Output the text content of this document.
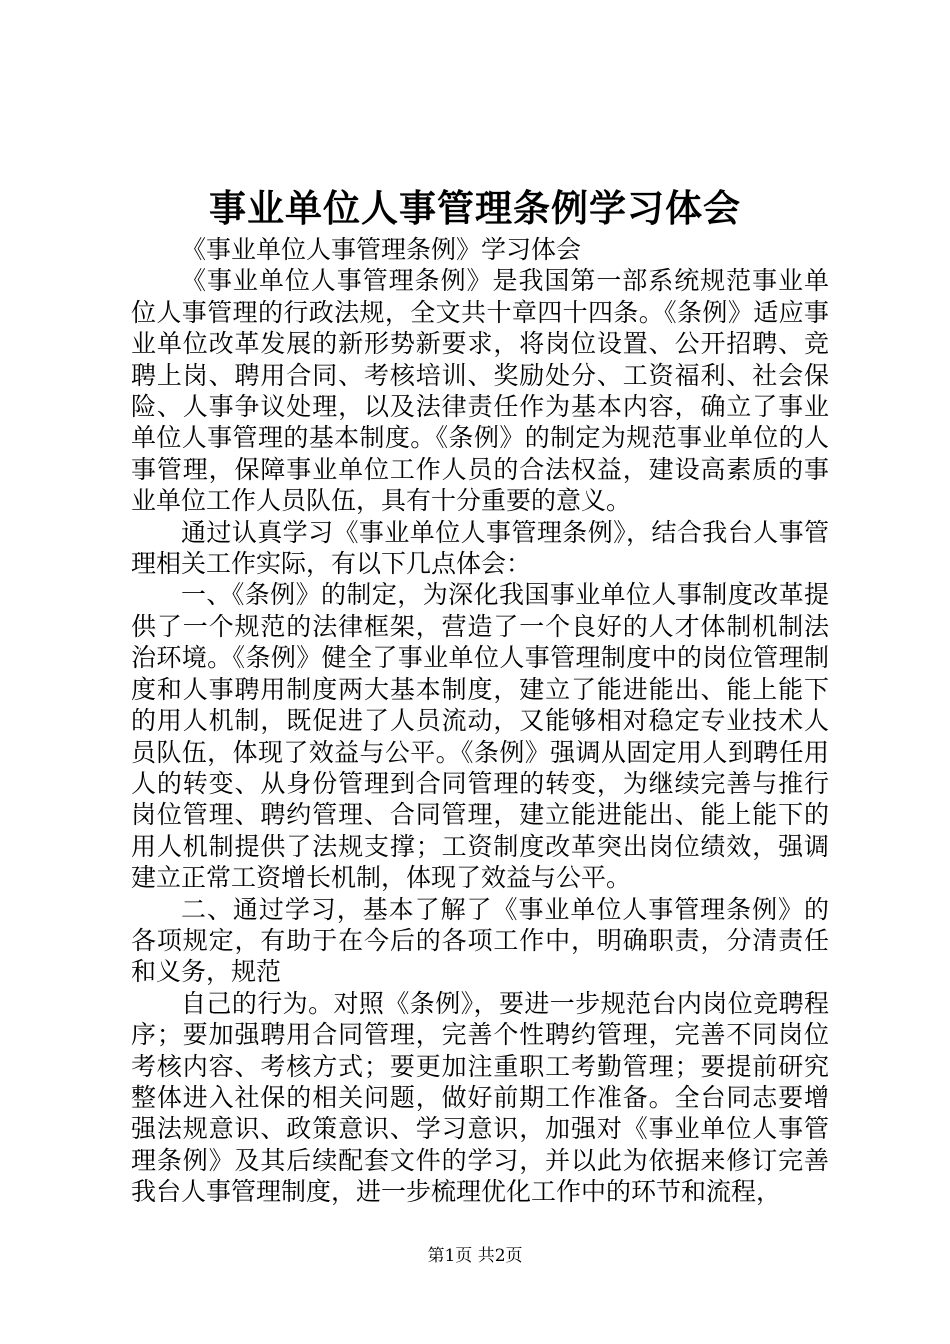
事业单位人事管理条例学习体会

《事业单位人事管理条例》学习体会

《事业单位人事管理条例》是我国第一部系统规范事业单位人事管理的行政法规，全文共十章四十四条。《条例》适应事业单位改革发展的新形势新要求，将岗位设置、公开招聘、竞聘上岗、聘用合同、考核培训、奖励处分、工资福利、社会保险、人事争议处理，以及法律责任作为基本内容，确立了事业单位人事管理的基本制度。《条例》的制定为规范事业单位的人事管理，保障事业单位工作人员的合法权益，建设高素质的事业单位工作人员队伍，具有十分重要的意义。

通过认真学习《事业单位人事管理条例》，结合我台人事管理相关工作实际，有以下几点体会：

一、《条例》的制定，为深化我国事业单位人事制度改革提供了一个规范的法律框架，营造了一个良好的人才体制机制法治环境。《条例》健全了事业单位人事管理制度中的岗位管理制度和人事聘用制度两大基本制度，建立了能进能出、能上能下的用人机制，既促进了人员流动，又能够相对稳定专业技术人员队伍，体现了效益与公平。《条例》强调从固定用人到聘任用人的转变、从身份管理到合同管理的转变，为继续完善与推行岗位管理、聘约管理、合同管理，建立能进能出、能上能下的用人机制提供了法规支撑；工资制度改革突出岗位绩效，强调建立正常工资增长机制，体现了效益与公平。

二、通过学习，基本了解了《事业单位人事管理条例》的各项规定，有助于在今后的各项工作中，明确职责，分清责任和义务，规范

自己的行为。对照《条例》，要进一步规范台内岗位竞聘程序；要加强聘用合同管理，完善个性聘约管理，完善不同岗位考核内容、考核方式；要更加注重职工考勤管理；要提前研究整体进入社保的相关问题，做好前期工作准备。全台同志要增强法规意识、政策意识、学习意识，加强对《事业单位人事管理条例》及其后续配套文件的学习，并以此为依据来修订完善我台人事管理制度，进一步梳理优化工作中的环节和流程，

第1页 共2页
